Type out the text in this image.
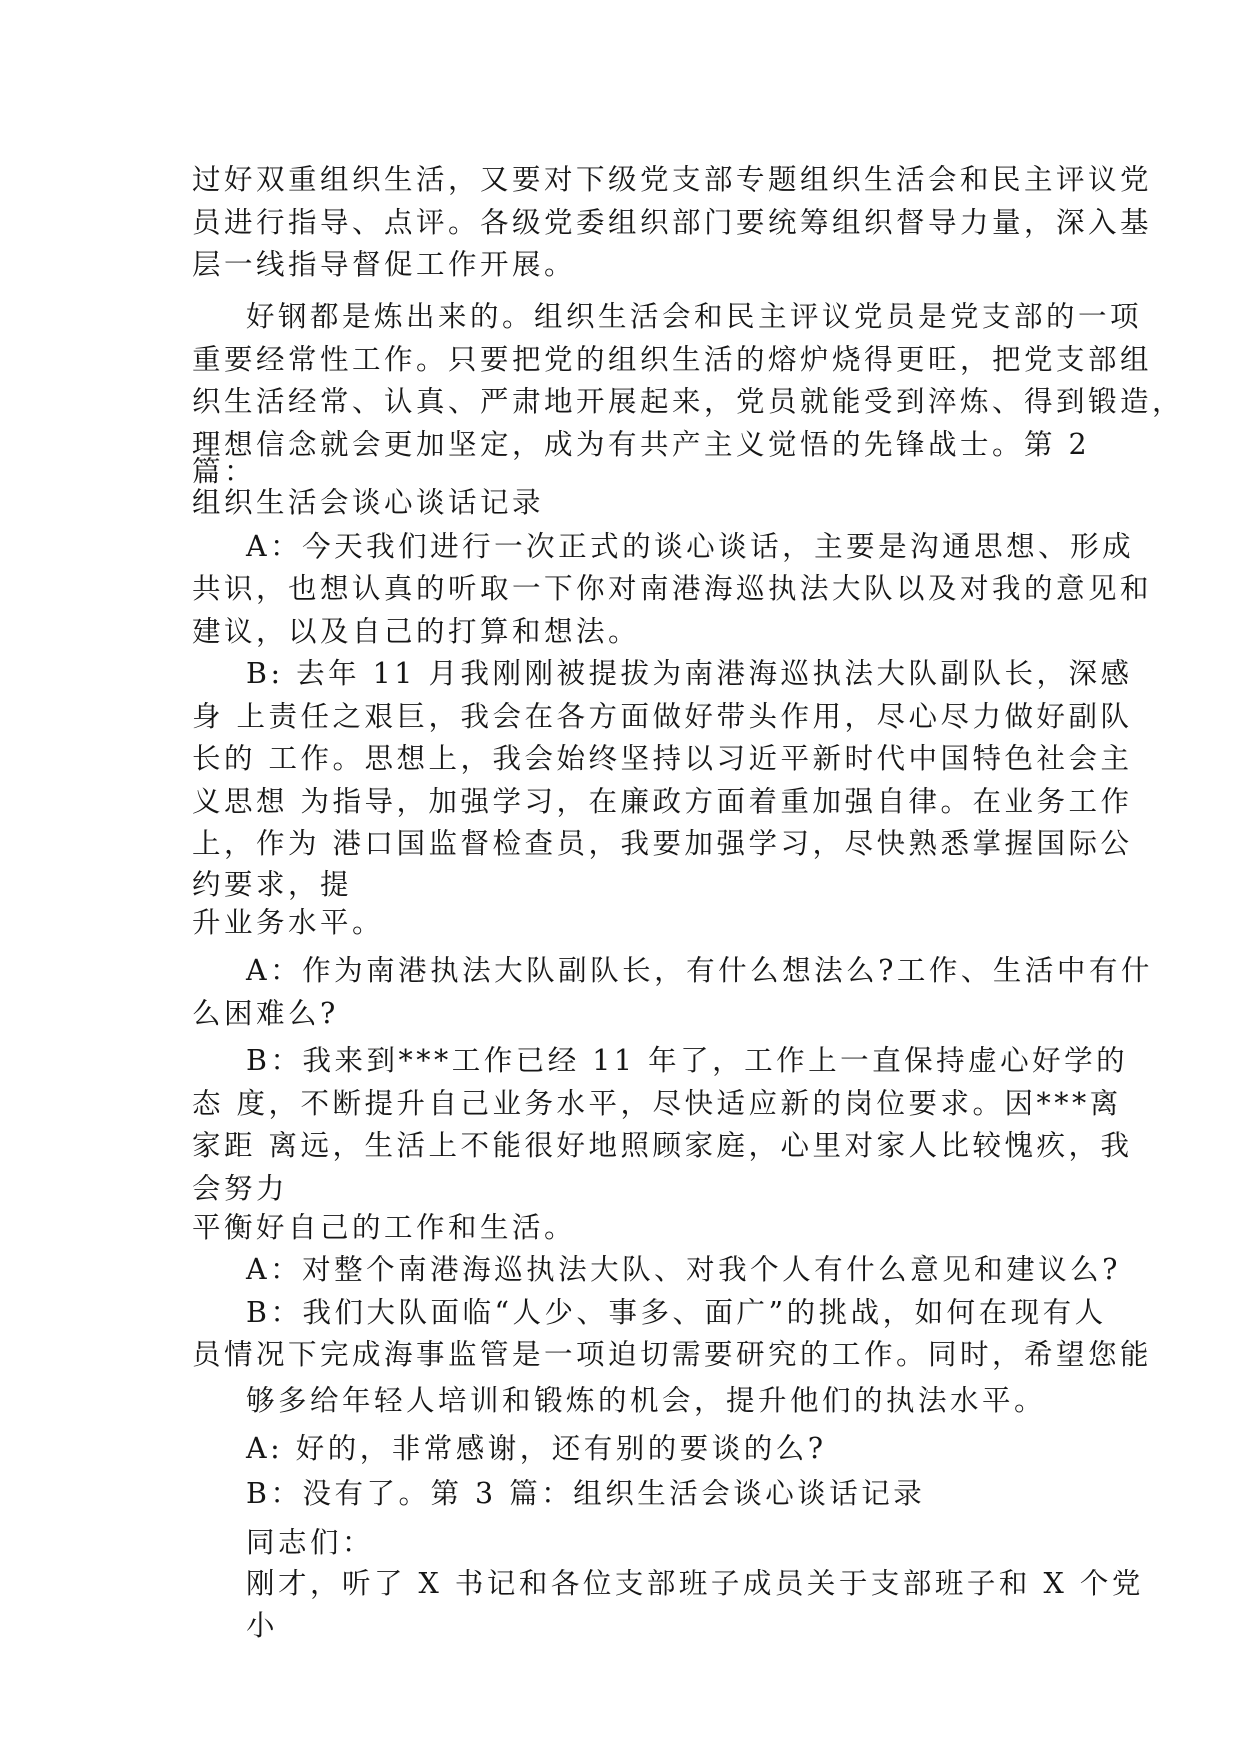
过好双重组织生活，又要对下级党支部专题组织生活会和民主评议党
员进行指导、点评。各级党委组织部门要统筹组织督导力量，深入基
层一线指导督促工作开展。
好钢都是炼出来的。组织生活会和民主评议党员是党支部的一项
重要经常性工作。只要把党的组织生活的熔炉烧得更旺，把党支部组
织生活经常、认真、严肃地开展起来，党员就能受到淬炼、得到锻造，
理想信念就会更加坚定，成为有共产主义觉悟的先锋战士。第 2
篇：
组织生活会谈心谈话记录
A：今天我们进行一次正式的谈心谈话，主要是沟通思想、形成
共识，也想认真的听取一下你对南港海巡执法大队以及对我的意见和
建议，以及自己的打算和想法。
B: 去年 11 月我刚刚被提拔为南港海巡执法大队副队长，深感
身 上责任之艰巨，我会在各方面做好带头作用，尽心尽力做好副队
长的 工作。思想上，我会始终坚持以习近平新时代中国特色社会主
义思想 为指导，加强学习，在廉政方面着重加强自律。在业务工作
上，作为 港口国监督检查员，我要加强学习，尽快熟悉掌握国际公
约要求，提
升业务水平。
A：作为南港执法大队副队长，有什么想法么?工作、生活中有什
么困难么?
B：我来到***工作已经 11 年了，工作上一直保持虚心好学的
态 度，不断提升自己业务水平，尽快适应新的岗位要求。因***离
家距 离远，生活上不能很好地照顾家庭，心里对家人比较愧疚，我
会努力
平衡好自己的工作和生活。
A：对整个南港海巡执法大队、对我个人有什么意见和建议么?
B：我们大队面临“人少、事多、面广”的挑战，如何在现有人
员情况下完成海事监管是一项迫切需要研究的工作。同时，希望您能
够多给年轻人培训和锻炼的机会，提升他们的执法水平。
A: 好的，非常感谢，还有别的要谈的么?
B：没有了。第 3 篇：组织生活会谈心谈话记录
同志们：
刚才，听了 X 书记和各位支部班子成员关于支部班子和 X 个党
小
